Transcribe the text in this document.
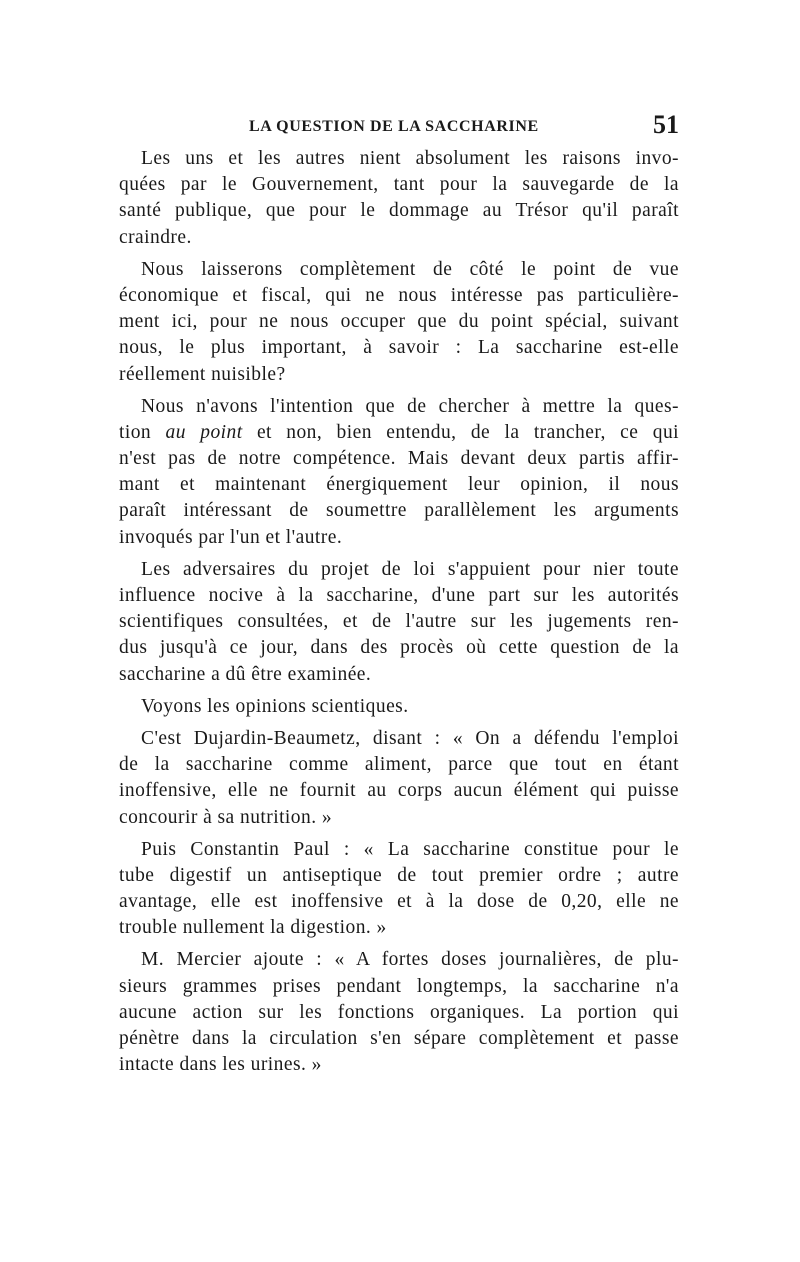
LA QUESTION DE LA SACCHARINE	51
Les uns et les autres nient absolument les raisons invo-
quées par le Gouvernement, tant pour la sauvegarde de la
santé publique, que pour le dommage au Trésor qu'il paraît
craindre.
Nous laisserons complètement de côté le point de vue
économique et fiscal, qui ne nous intéresse pas particulière-
ment ici, pour ne nous occuper que du point spécial, suivant
nous, le plus important, à savoir : La saccharine est-elle
réellement nuisible?
Nous n'avons l'intention que de chercher à mettre la ques-
tion au point et non, bien entendu, de la trancher, ce qui
n'est pas de notre compétence. Mais devant deux partis affir-
mant et maintenant énergiquement leur opinion, il nous
paraît intéressant de soumettre parallèlement les arguments
invoqués par l'un et l'autre.
Les adversaires du projet de loi s'appuient pour nier toute
influence nocive à la saccharine, d'une part sur les autorités
scientifiques consultées, et de l'autre sur les jugements ren-
dus jusqu'à ce jour, dans des procès où cette question de la
saccharine a dû être examinée.
Voyons les opinions scientiques.
C'est Dujardin-Beaumetz, disant : « On a défendu l'emploi
de la saccharine comme aliment, parce que tout en étant
inoffensive, elle ne fournit au corps aucun élément qui puisse
concourir à sa nutrition. »
Puis Constantin Paul : « La saccharine constitue pour le
tube digestif un antiseptique de tout premier ordre ; autre
avantage, elle est inoffensive et à la dose de 0,20, elle ne
trouble nullement la digestion. »
M. Mercier ajoute : « A fortes doses journalières, de plu-
sieurs grammes prises pendant longtemps, la saccharine n'a
aucune action sur les fonctions organiques. La portion qui
pénètre dans la circulation s'en sépare complètement et passe
intacte dans les urines. »
